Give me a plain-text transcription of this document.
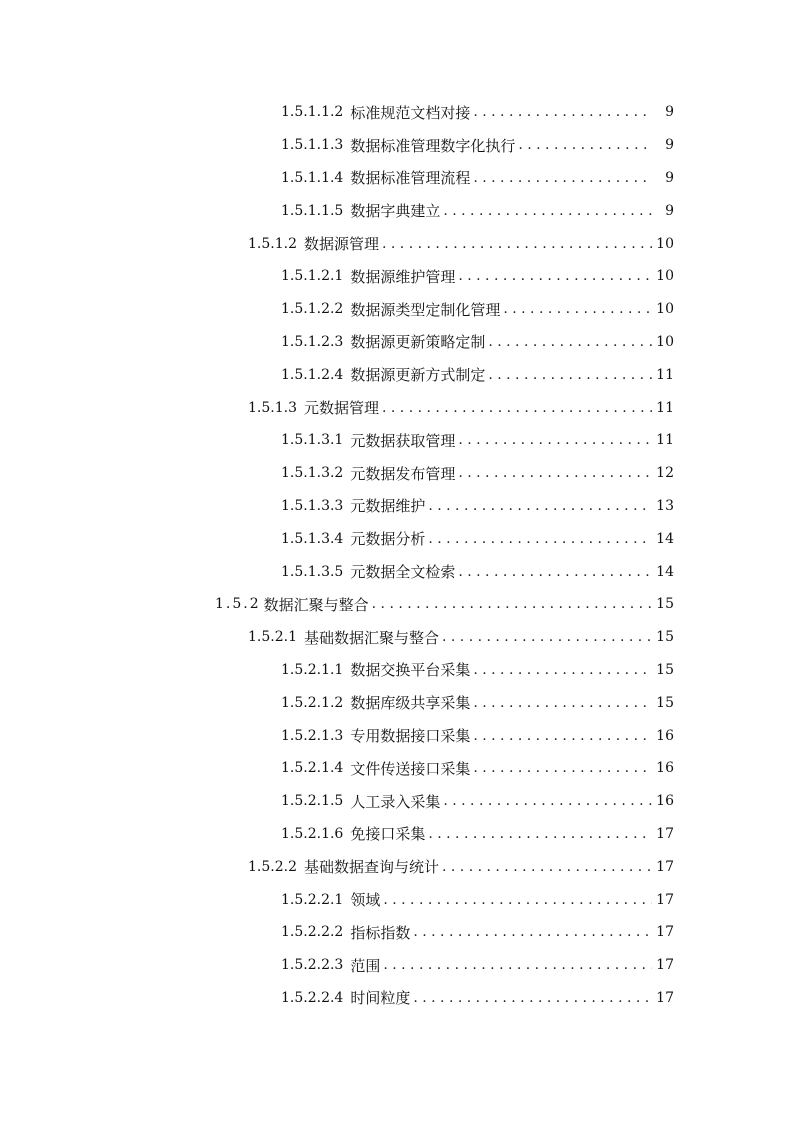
1.5.1.1.2 标准规范文档对接 . . .	9
1.5.1.1.3 数据标准管理数字化执行 . . .	9
1.5.1.1.4 数据标准管理流程 . . .	9
1.5.1.1.5 数据字典建立 . . .	9
1.5.1.2 数据源管理 . . .	10
1.5.1.2.1 数据源维护管理 . . .	10
1.5.1.2.2 数据源类型定制化管理 . . .	10
1.5.1.2.3 数据源更新策略定制 . . .	10
1.5.1.2.4 数据源更新方式制定 . . .	11
1.5.1.3 元数据管理 . . .	11
1.5.1.3.1 元数据获取管理 . . .	11
1.5.1.3.2 元数据发布管理 . . .	12
1.5.1.3.3 元数据维护 . . .	13
1.5.1.3.4 元数据分析 . . .	14
1.5.1.3.5 元数据全文检索 . . .	14
1.5.2 数据汇聚与整合 . . .	15
1.5.2.1 基础数据汇聚与整合 . . .	15
1.5.2.1.1 数据交换平台采集 . . .	15
1.5.2.1.2 数据库级共享采集 . . .	15
1.5.2.1.3 专用数据接口采集 . . .	16
1.5.2.1.4 文件传送接口采集 . . .	16
1.5.2.1.5 人工录入采集 . . .	16
1.5.2.1.6 免接口采集 . . .	17
1.5.2.2 基础数据查询与统计 . . .	17
1.5.2.2.1 领域 . . .	17
1.5.2.2.2 指标指数 . . .	17
1.5.2.2.3 范围 . . .	17
1.5.2.2.4 时间粒度 . . .	17
